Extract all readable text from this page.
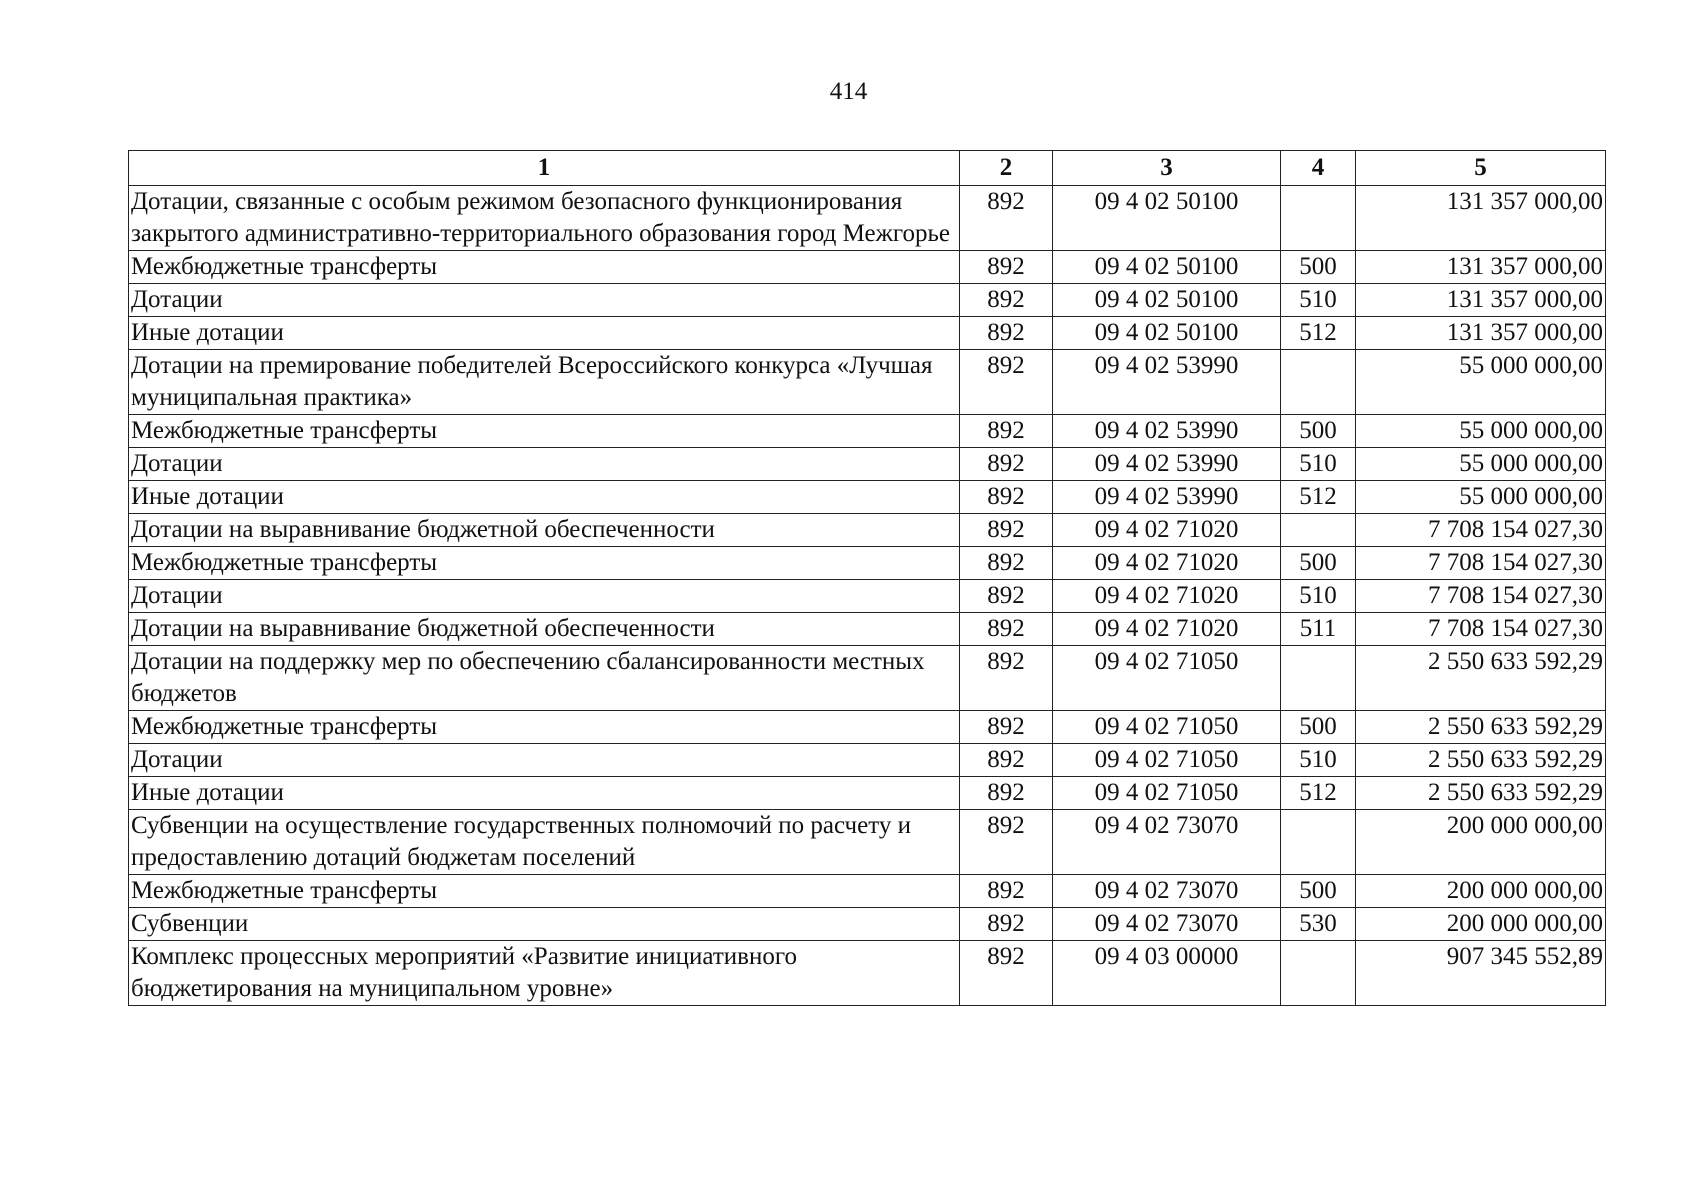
414
1	2	3	4	5
Дотации, связанные с особым режимом безопасного функционирования закрытого административно-территориального образования город Межгорье	892	09 4 02 50100		131 357 000,00
Межбюджетные трансферты	892	09 4 02 50100	500	131 357 000,00
Дотации	892	09 4 02 50100	510	131 357 000,00
Иные дотации	892	09 4 02 50100	512	131 357 000,00
Дотации на премирование победителей Всероссийского конкурса «Лучшая муниципальная практика»	892	09 4 02 53990		55 000 000,00
Межбюджетные трансферты	892	09 4 02 53990	500	55 000 000,00
Дотации	892	09 4 02 53990	510	55 000 000,00
Иные дотации	892	09 4 02 53990	512	55 000 000,00
Дотации на выравнивание бюджетной обеспеченности	892	09 4 02 71020		7 708 154 027,30
Межбюджетные трансферты	892	09 4 02 71020	500	7 708 154 027,30
Дотации	892	09 4 02 71020	510	7 708 154 027,30
Дотации на выравнивание бюджетной обеспеченности	892	09 4 02 71020	511	7 708 154 027,30
Дотации на поддержку мер по обеспечению сбалансированности местных бюджетов	892	09 4 02 71050		2 550 633 592,29
Межбюджетные трансферты	892	09 4 02 71050	500	2 550 633 592,29
Дотации	892	09 4 02 71050	510	2 550 633 592,29
Иные дотации	892	09 4 02 71050	512	2 550 633 592,29
Субвенции на осуществление государственных полномочий по расчету и предоставлению дотаций бюджетам поселений	892	09 4 02 73070		200 000 000,00
Межбюджетные трансферты	892	09 4 02 73070	500	200 000 000,00
Субвенции	892	09 4 02 73070	530	200 000 000,00
Комплекс процессных мероприятий «Развитие инициативного бюджетирования на муниципальном уровне»	892	09 4 03 00000		907 345 552,89
